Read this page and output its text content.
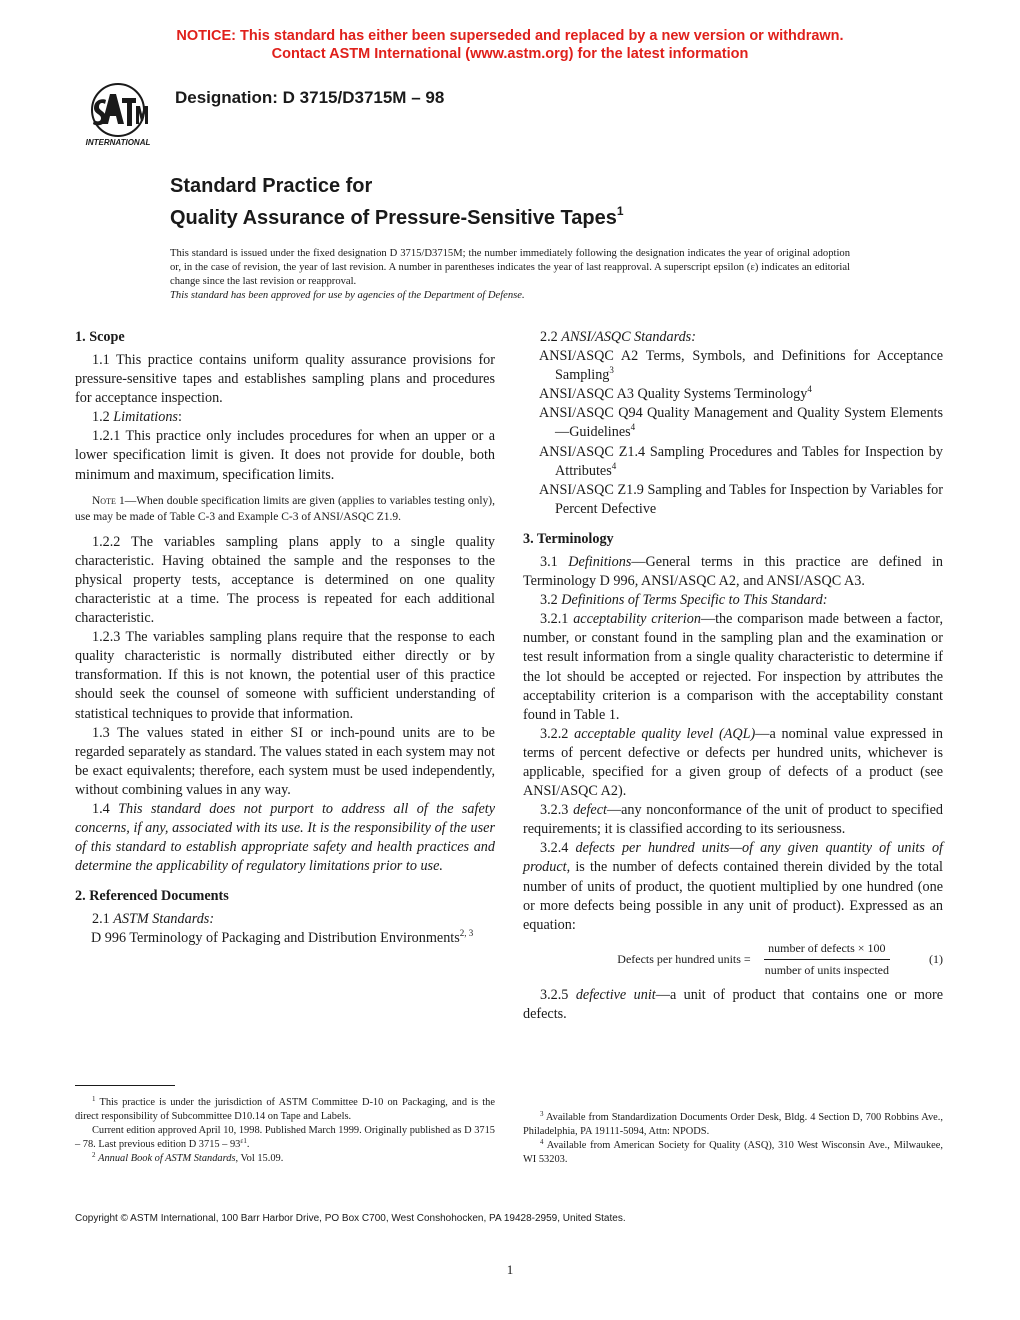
NOTICE: This standard has either been superseded and replaced by a new version or withdrawn.
Contact ASTM International (www.astm.org) for the latest information
INTERNATIONAL
Designation: D 3715/D3715M – 98
Standard Practice for
Quality Assurance of Pressure-Sensitive Tapes$^1$

This standard is issued under the fixed designation D 3715/D3715M; the number immediately following the designation indicates the year of original adoption or, in the case of revision, the year of last revision. A number in parentheses indicates the year of last reapproval. A superscript epsilon (ε) indicates an editorial change since the last revision or reapproval.

This standard has been approved for use by agencies of the Department of Defense.

1. Scope

1.1 This practice contains uniform quality assurance provisions for pressure-sensitive tapes and establishes sampling plans and procedures for acceptance inspection.

1.2 Limitations:

1.2.1 This practice only includes procedures for when an upper or a lower specification limit is given. It does not provide for double, both minimum and maximum, specification limits.

Note 1—When double specification limits are given (applies to variables testing only), use may be made of Table C-3 and Example C-3 of ANSI/ASQC Z1.9.

1.2.2 The variables sampling plans apply to a single quality characteristic. Having obtained the sample and the responses to the physical property tests, acceptance is determined on one quality characteristic at a time. The process is repeated for each additional characteristic.

1.2.3 The variables sampling plans require that the response to each quality characteristic is normally distributed either directly or by transformation. If this is not known, the potential user of this practice should seek the counsel of someone with sufficient understanding of statistical techniques to provide that information.

1.3 The values stated in either SI or inch-pound units are to be regarded separately as standard. The values stated in each system may not be exact equivalents; therefore, each system must be used independently, without combining values in any way.

1.4 This standard does not purport to address all of the safety concerns, if any, associated with its use. It is the responsibility of the user of this standard to establish appropriate safety and health practices and determine the applicability of regulatory limitations prior to use.

2. Referenced Documents

2.1 ASTM Standards:

D 996 Terminology of Packaging and Distribution Environments$^{2, 3}$

2.2 ANSI/ASQC Standards:

ANSI/ASQC A2 Terms, Symbols, and Definitions for Acceptance Sampling$^3$

ANSI/ASQC A3 Quality Systems Terminology$^4$

ANSI/ASQC Q94 Quality Management and Quality System Elements—Guidelines$^4$

ANSI/ASQC Z1.4 Sampling Procedures and Tables for Inspection by Attributes$^4$

ANSI/ASQC Z1.9 Sampling and Tables for Inspection by Variables for Percent Defective

3. Terminology

3.1 Definitions—General terms in this practice are defined in Terminology D 996, ANSI/ASQC A2, and ANSI/ASQC A3.

3.2 Definitions of Terms Specific to This Standard:

3.2.1 acceptability criterion—the comparison made between a factor, number, or constant found in the sampling plan and the examination or test result information from a single quality characteristic to determine if the lot should be accepted or rejected. For inspection by attributes the acceptability criterion is a comparison with the acceptability constant found in Table 1.

3.2.2 acceptable quality level (AQL)—a nominal value expressed in terms of percent defective or defects per hundred units, whichever is applicable, specified for a given group of defects of a product (see ANSI/ASQC A2).

3.2.3 defect—any nonconformance of the unit of product to specified requirements; it is classified according to its seriousness.

3.2.4 defects per hundred units—of any given quantity of units of product, is the number of defects contained therein divided by the total number of units of product, the quotient multiplied by one hundred (one or more defects being possible in any unit of product). Expressed as an equation:

Defects per hundred units = $\frac{\text{number of defects × 100}}{\text{number of units inspected}}$	(1)

3.2.5 defective unit—a unit of product that contains one or more defects.

$^1$ This practice is under the jurisdiction of ASTM Committee D-10 on Packaging, and is the direct responsibility of Subcommittee D10.14 on Tape and Labels.

Current edition approved April 10, 1998. Published March 1999. Originally published as D 3715 – 78. Last previous edition D $3715 - 93^{\varepsilon 1}$.

$^2$ Annual Book of ASTM Standards, Vol 15.09.

$^3$ Available from Standardization Documents Order Desk, Bldg. 4 Section D, 700 Robbins Ave., Philadelphia, PA 19111-5094, Attn: NPODS.

$^4$ Available from American Society for Quality (ASQ), 310 West Wisconsin Ave., Milwaukee, WI 53203.

Copyright © ASTM International, 100 Barr Harbor Drive, PO Box C700, West Conshohocken, PA 19428-2959, United States.
1
